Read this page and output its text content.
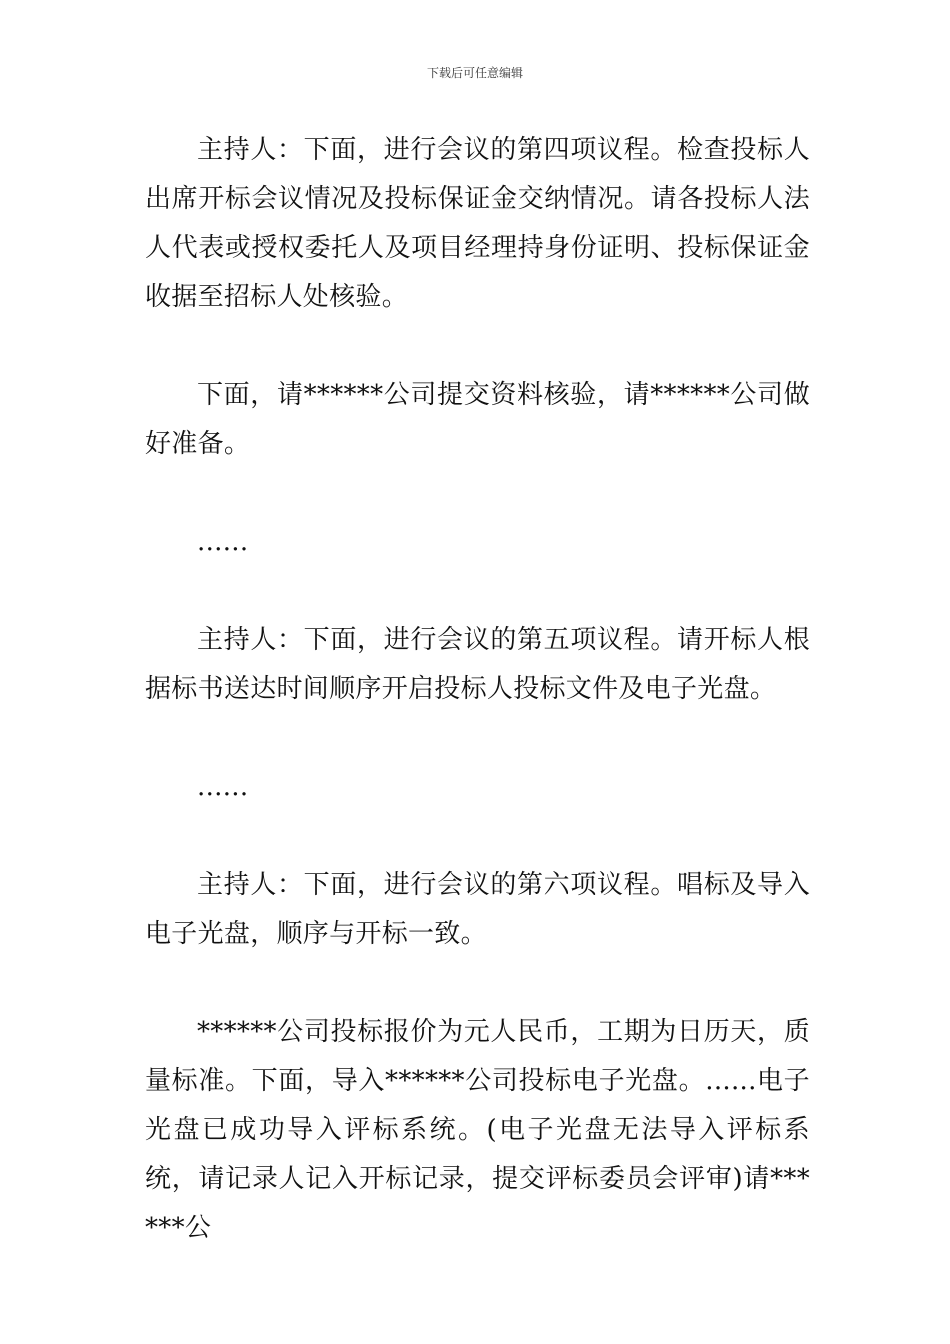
下载后可任意编辑

主持人：下面，进行会议的第四项议程。检查投标人出席开标会议情况及投标保证金交纳情况。请各投标人法人代表或授权委托人及项目经理持身份证明、投标保证金收据至招标人处核验。

下面，请******公司提交资料核验，请******公司做好准备。

......

主持人：下面，进行会议的第五项议程。请开标人根据标书送达时间顺序开启投标人投标文件及电子光盘。

......

主持人：下面，进行会议的第六项议程。唱标及导入电子光盘，顺序与开标一致。

******公司投标报价为元人民币，工期为日历天，质量标准。下面，导入******公司投标电子光盘。......电子光盘已成功导入评标系统。(电子光盘无法导入评标系统，请记录人记入开标记录，提交评标委员会评审)请******公
